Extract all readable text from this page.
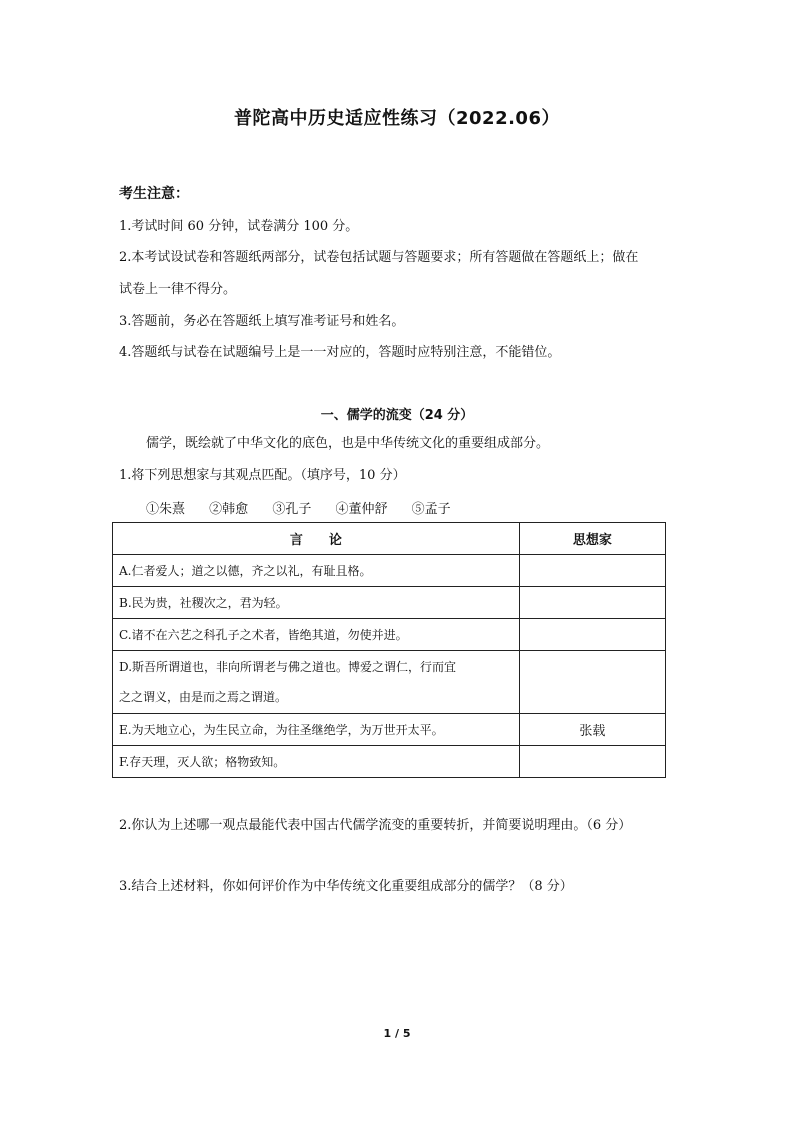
普陀高中历史适应性练习（2022.06）
考生注意：
1.考试时间 60 分钟，试卷满分 100 分。
2.本考试设试卷和答题纸两部分，试卷包括试题与答题要求；所有答题做在答题纸上；做在
试卷上一律不得分。
3.答题前，务必在答题纸上填写准考证号和姓名。
4.答题纸与试卷在试题编号上是一一对应的，答题时应特别注意，不能错位。
一、儒学的流变（24 分）
儒学，既绘就了中华文化的底色，也是中华传统文化的重要组成部分。
1.将下列思想家与其观点匹配。（填序号，10 分）
①朱熹 ②韩愈 ③孔子 ④董仲舒 ⑤孟子
言　　论	思想家
A.仁者爱人；道之以德，齐之以礼，有耻且格。	
B.民为贵，社稷次之，君为轻。	
C.诸不在六艺之科孔子之术者，皆绝其道，勿使并进。	

D.斯吾所谓道也，非向所谓老与佛之道也。博爱之谓仁，行而宜
之之谓义，由是而之焉之谓道。	

E.为天地立心，为生民立命，为往圣继绝学，为万世开太平。	张载
F.存天理，灭人欲；格物致知。	
2.你认为上述哪一观点最能代表中国古代儒学流变的重要转折，并简要说明理由。（6 分）
3.结合上述材料，你如何评价作为中华传统文化重要组成部分的儒学？（8 分）
1 / 5
